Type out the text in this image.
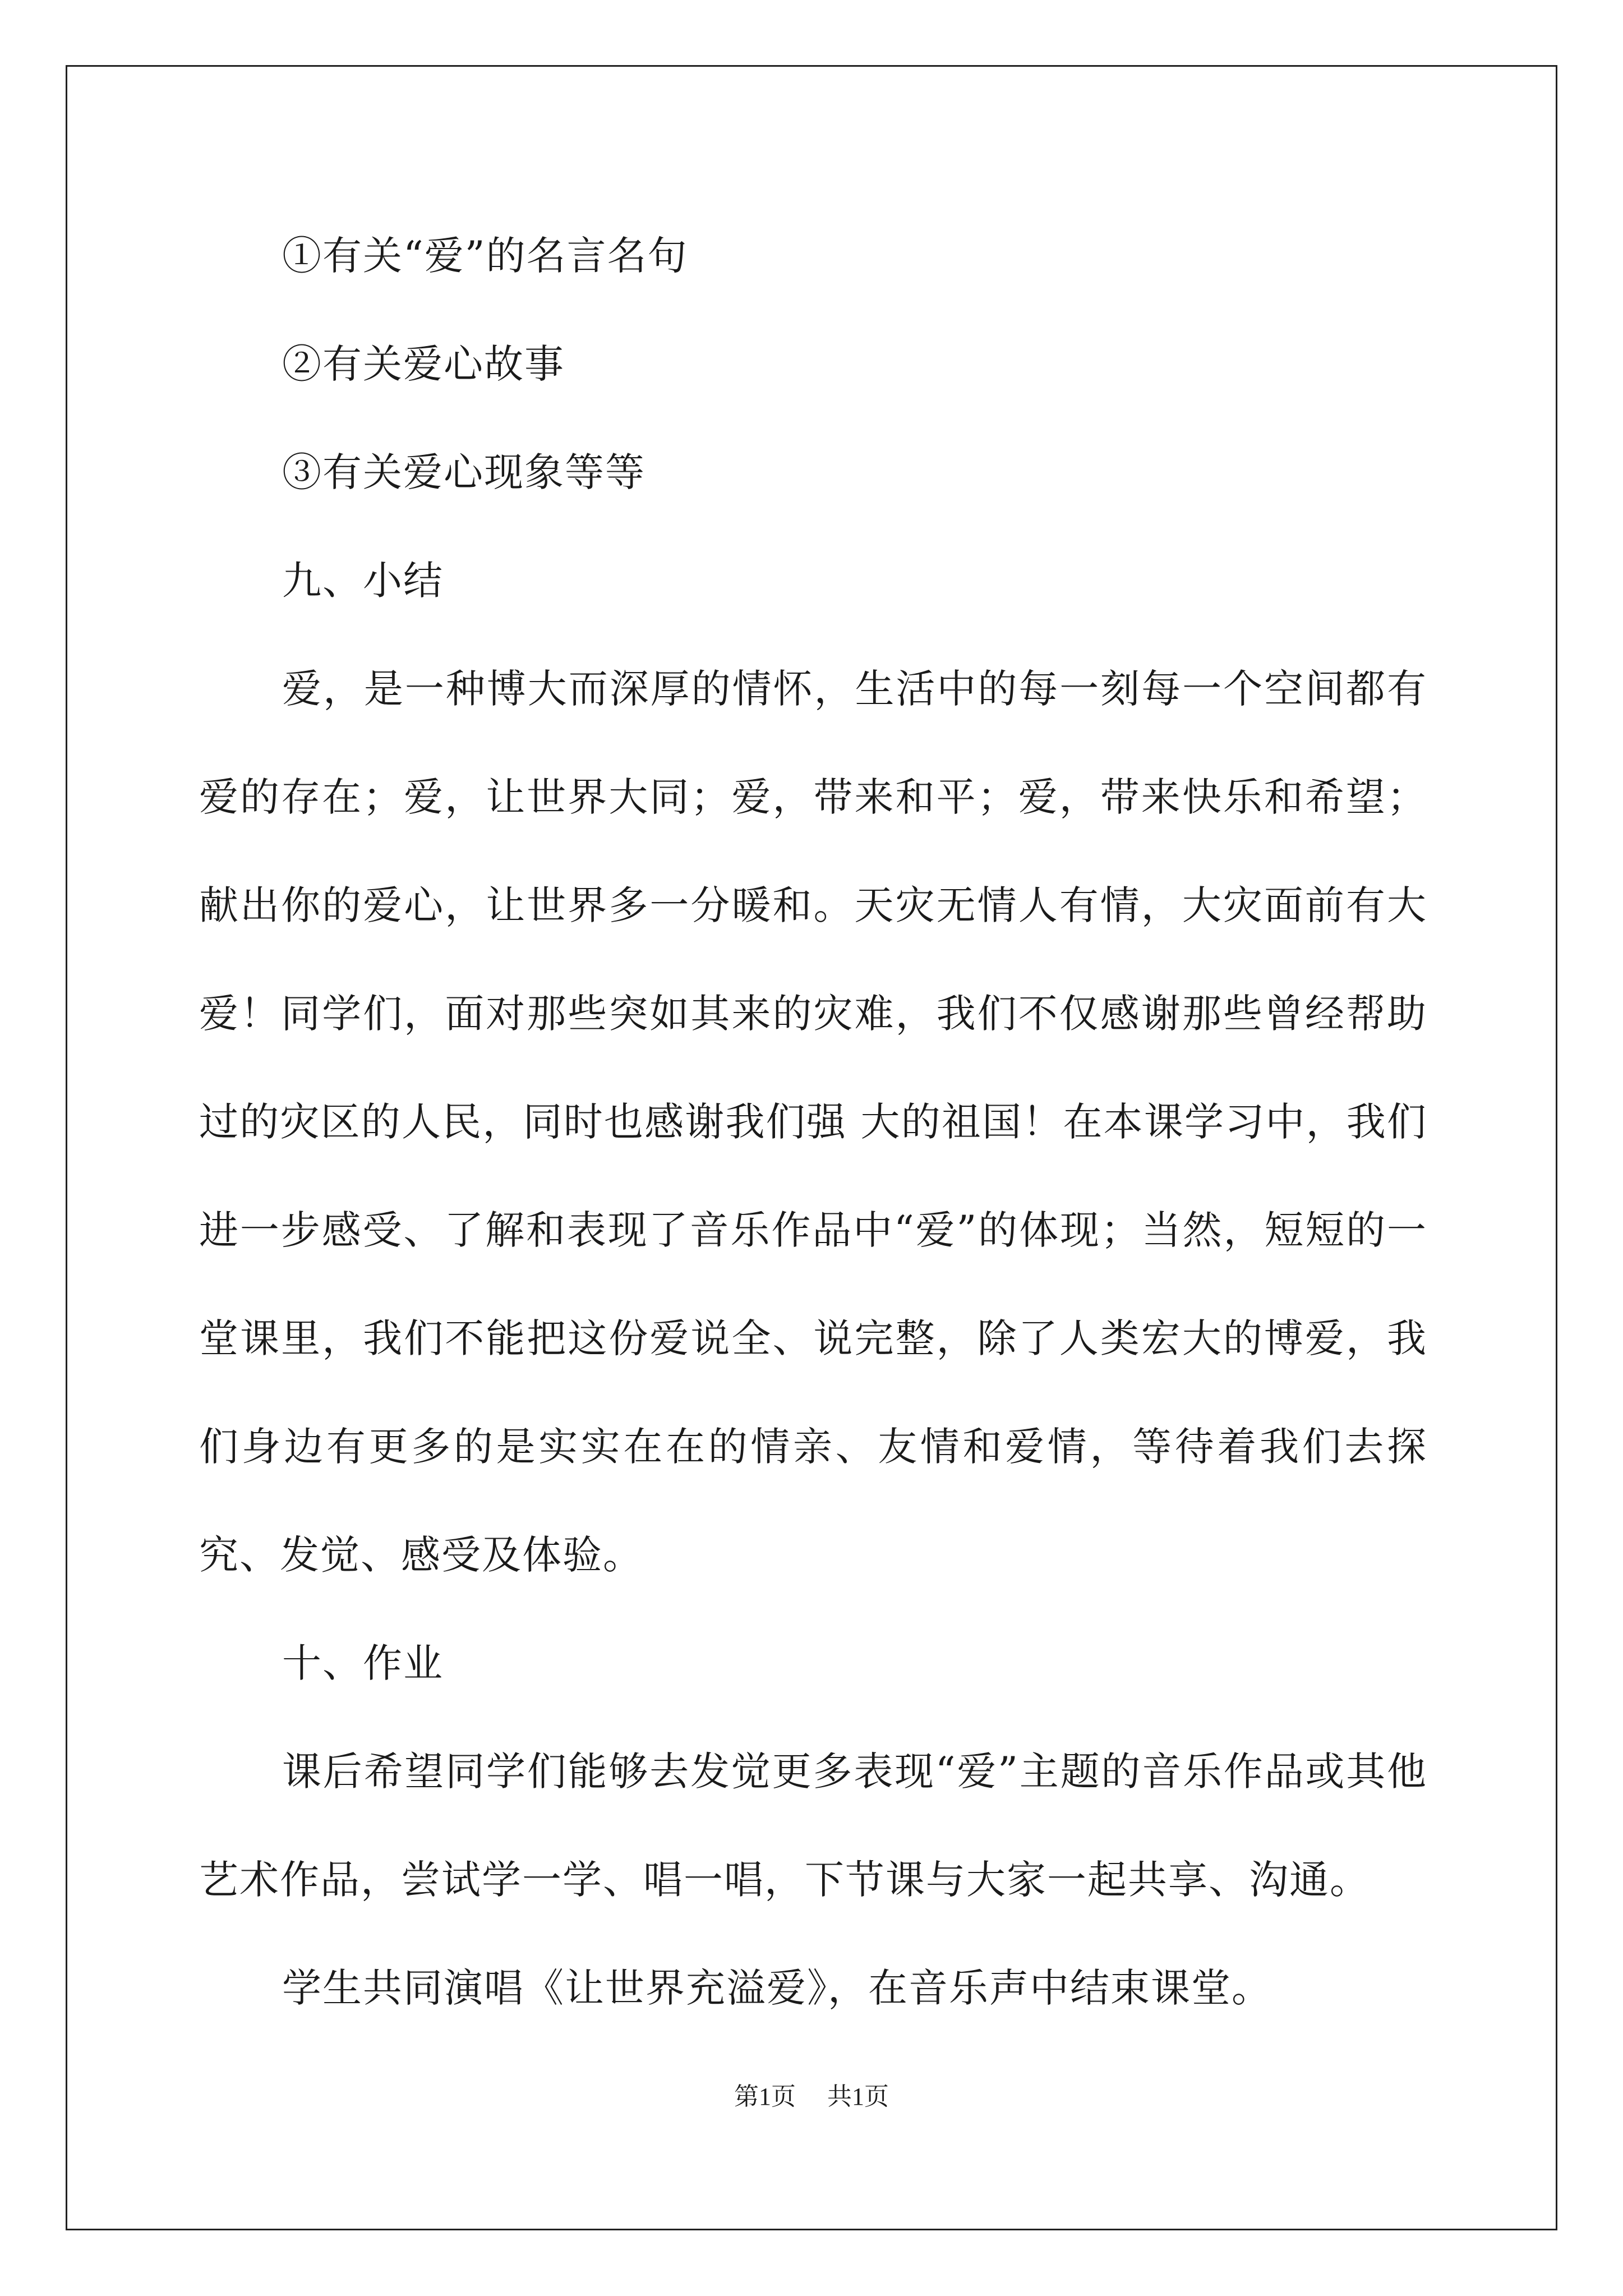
①有关“爱”的名言名句

②有关爱心故事

③有关爱心现象等等

九、小结

爱，是一种博大而深厚的情怀，生活中的每一刻每一个空间都有爱的存在；爱，让世界大同；爱，带来和平；爱，带来快乐和希望；献出你的爱心，让世界多一分暖和。天灾无情人有情，大灾面前有大爱！同学们，面对那些突如其来的灾难，我们不仅感谢那些曾经帮助过的灾区的人民，同时也感谢我们强 大的祖国！在本课学习中，我们进一步感受、了解和表现了音乐作品中“爱”的体现；当然，短短的一堂课里，我们不能把这份爱说全、说完整，除了人类宏大的博爱，我们身边有更多的是实实在在的情亲、友情和爱情，等待着我们去探究、发觉、感受及体验。

十、作业

课后希望同学们能够去发觉更多表现“爱”主题的音乐作品或其他艺术作品，尝试学一学、唱一唱，下节课与大家一起共享、沟通。

学生共同演唱《让世界充溢爱》，在音乐声中结束课堂。

第1页 共1页
